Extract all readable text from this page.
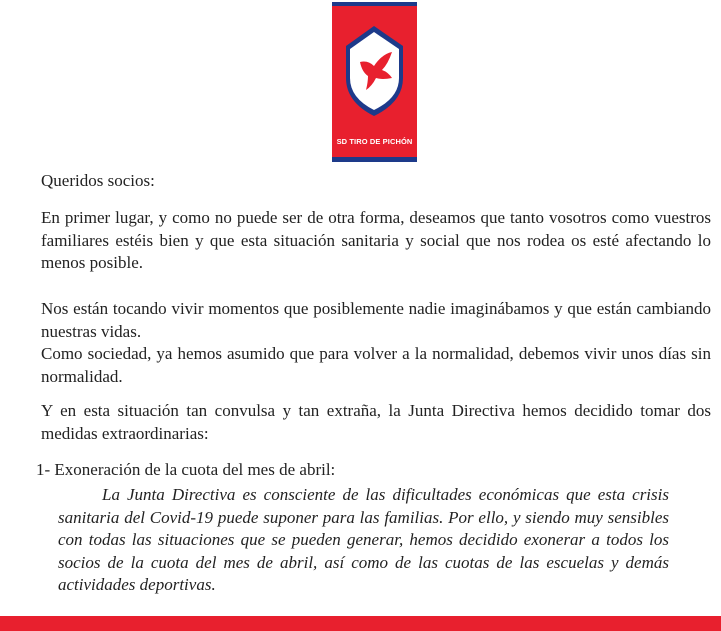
SD TIRO DE PICHÓN

Queridos socios:

En primer lugar, y como no puede ser de otra forma, deseamos que tanto vosotros como vuestros familiares estéis bien y que esta situación sanitaria y social que nos rodea os esté afectando lo menos posible.

Nos están tocando vivir momentos que posiblemente nadie imaginábamos y que están cambiando nuestras vidas.

Como sociedad, ya hemos asumido que para volver a la normalidad, debemos vivir unos días sin normalidad.

Y en esta situación tan convulsa y tan extraña, la Junta Directiva hemos decidido tomar dos medidas extraordinarias:

1- Exoneración de la cuota del mes de abril:

La Junta Directiva es consciente de las dificultades económicas que esta crisis sanitaria del Covid-19 puede suponer para las familias. Por ello, y siendo muy sensibles con todas las situaciones que se pueden generar, hemos decidido exonerar a todos los socios de la cuota del mes de abril, así como de las cuotas de las escuelas y demás actividades deportivas.
